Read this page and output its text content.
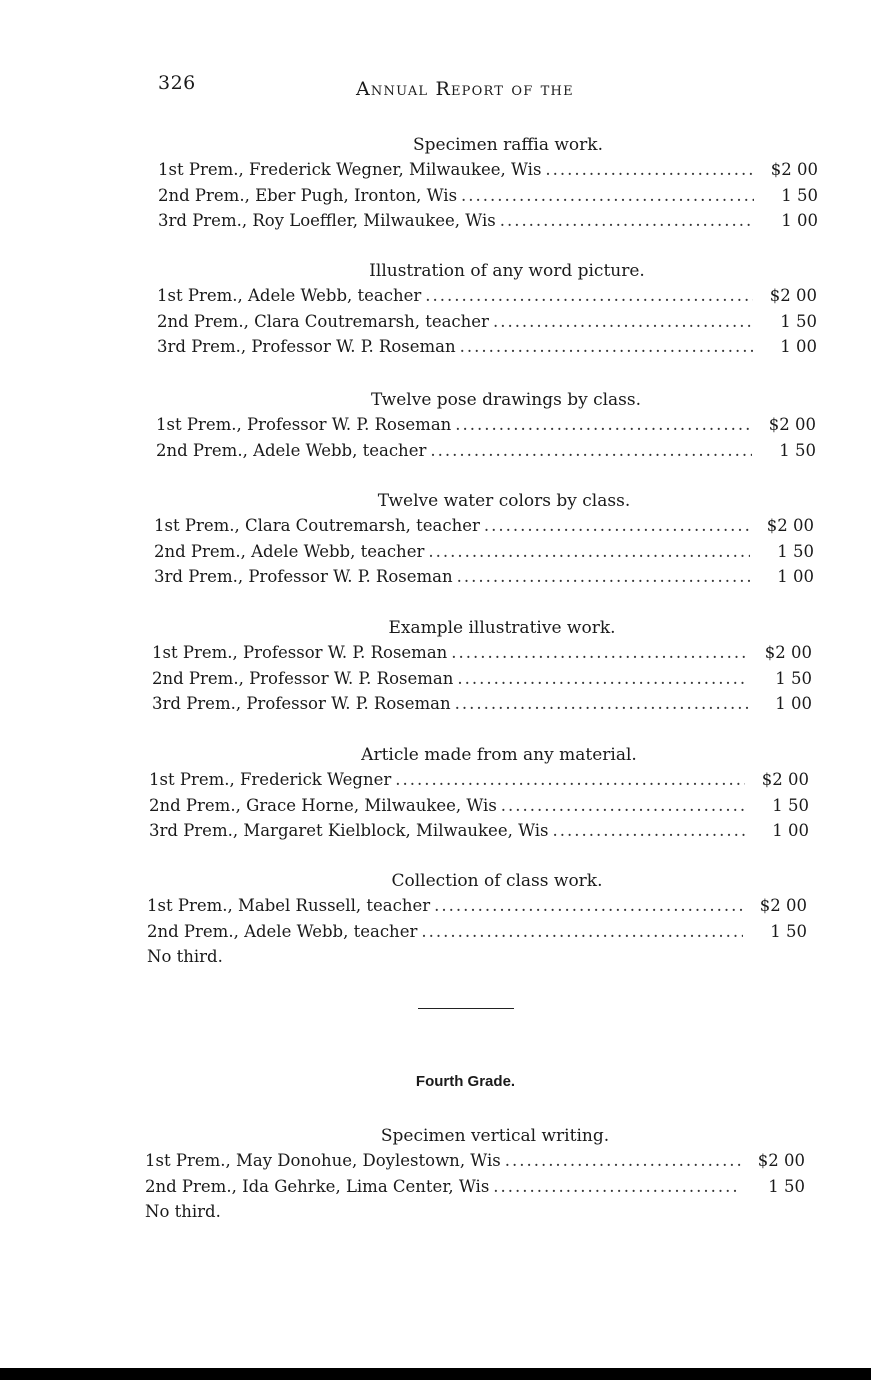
326	Annual Report of the
Specimen raffia work.
1st Prem., Frederick Wegner, Milwaukee, Wis .....	$2 00
2nd Prem., Eber Pugh, Ironton, Wis .....	1 50
3rd Prem., Roy Loeffler, Milwaukee, Wis .....	1 00
Illustration of any word picture.
1st Prem., Adele Webb, teacher .....	$2 00
2nd Prem., Clara Coutremarsh, teacher .....	1 50
3rd Prem., Professor W. P. Roseman .....	1 00
Twelve pose drawings by class.
1st Prem., Professor W. P. Roseman .....	$2 00
2nd Prem., Adele Webb, teacher .....	1 50
Twelve water colors by class.
1st Prem., Clara Coutremarsh, teacher .....	$2 00
2nd Prem., Adele Webb, teacher .....	1 50
3rd Prem., Professor W. P. Roseman .....	1 00
Example illustrative work.
1st Prem., Professor W. P. Roseman .....	$2 00
2nd Prem., Professor W. P. Roseman .....	1 50
3rd Prem., Professor W. P. Roseman .....	1 00
Article made from any material.
1st Prem., Frederick Wegner .....	$2 00
2nd Prem., Grace Horne, Milwaukee, Wis .....	1 50
3rd Prem., Margaret Kielblock, Milwaukee, Wis .....	1 00
Collection of class work.
1st Prem., Mabel Russell, teacher .....	$2 00
2nd Prem., Adele Webb, teacher .....	1 50
No third.
Fourth Grade.
Specimen vertical writing.
1st Prem., May Donohue, Doylestown, Wis .....	$2 00
2nd Prem., Ida Gehrke, Lima Center, Wis .....	1 50
No third.
